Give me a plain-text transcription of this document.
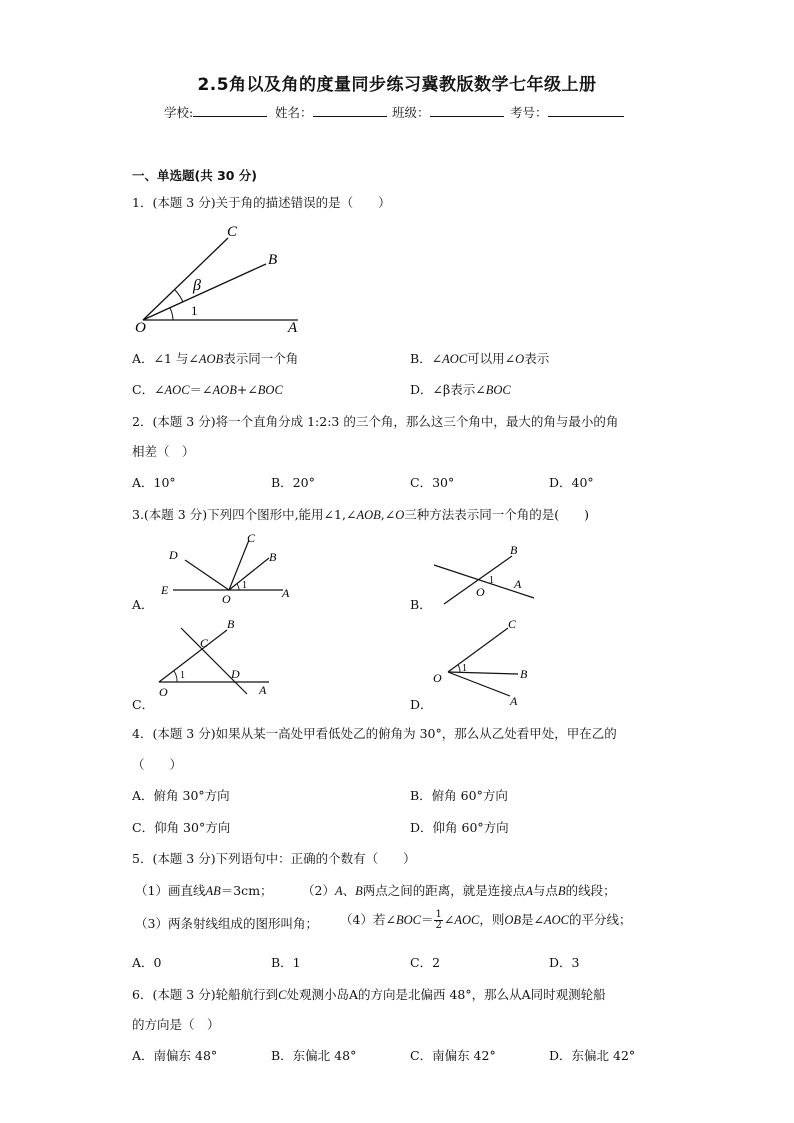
2.5角以及角的度量同步练习冀教版数学七年级上册
学校:	姓名：	班级：	考号：
一、单选题(共 30 分)
1．(本题 3 分)关于角的描述错误的是（　　）
C
B
β
1
O	A
A．∠1 与∠AOB表示同一个角	B．∠AOC可以用∠O表示
C．∠AOC＝∠AOB+∠BOC	D．∠β表示∠BOC
2．(本题 3 分)将一个直角分成 1:2:3 的三个角，那么这三个角中，最大的角与最小的角
相差（　）
A．10°	B．20°	C．30°	D．40°
3.(本题 3 分)下列四个图形中,能用∠1,∠AOB,∠O三种方法表示同一个角的是(　　)
A．
D
C
B
E
O
1
A
B．
B
1
O
A
C．
B
C
1	D
O	A
D．
C
O
1	B
A
4．(本题 3 分)如果从某一高处甲看低处乙的俯角为 30°，那么从乙处看甲处，甲在乙的
（　　）
A．俯角 30°方向	B．俯角 60°方向
C．仰角 30°方向	D．仰角 60°方向
5．(本题 3 分)下列语句中：正确的个数有（　　）
（1）画直线AB＝3cm； （2）A、B两点之间的距离，就是连接点A与点B的线段；
（3）两条射线组成的图形叫角； （4）若∠BOC＝ $\frac{1}{2}$ ∠AOC，则OB是∠AOC的平分线；
A．0	B．1	C．2	D．3
6．(本题 3 分)轮船航行到C处观测小岛A的方向是北偏西 48°，那么从A同时观测轮船
的方向是（　）
A．南偏东 48°	B．东偏北 48°	C．南偏东 42°	D．东偏北 42°
